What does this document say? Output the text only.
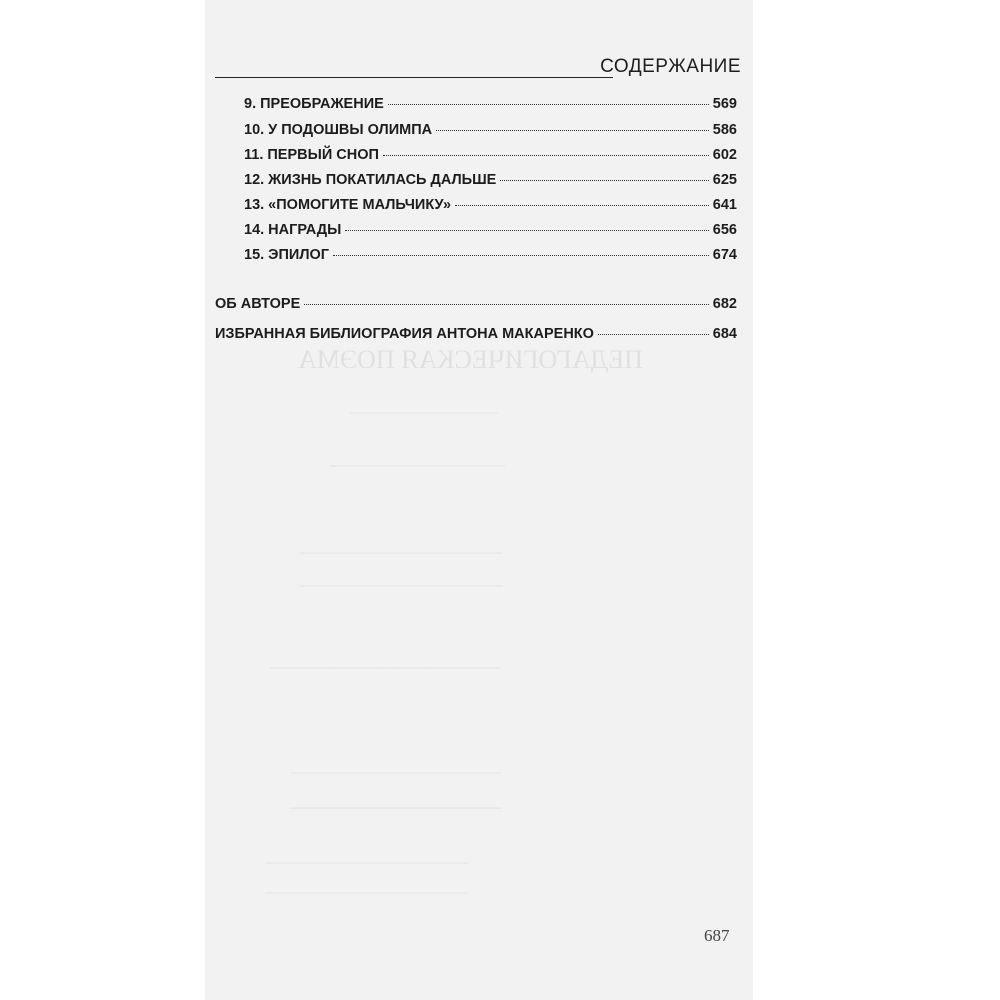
ПЕДАГОГИЧЕСКАЯ ПОЭМА
────────────────
───────────────────
──────────────────────
──────────────────────
─────────────────────────
───────────────────────
───────────────────────
──────────────────────
──────────────────────
СОДЕРЖАНИЕ
9. ПРЕОБРАЖЕНИЕ	569
10. У ПОДОШВЫ ОЛИМПА	586
11. ПЕРВЫЙ СНОП	602
12. ЖИЗНЬ ПОКАТИЛАСЬ ДАЛЬШЕ	625
13. «ПОМОГИТЕ МАЛЬЧИКУ»	641
14. НАГРАДЫ	656
15. ЭПИЛОГ	674
ОБ АВТОРЕ	682
ИЗБРАННАЯ БИБЛИОГРАФИЯ АНТОНА МАКАРЕНКО	684
687
